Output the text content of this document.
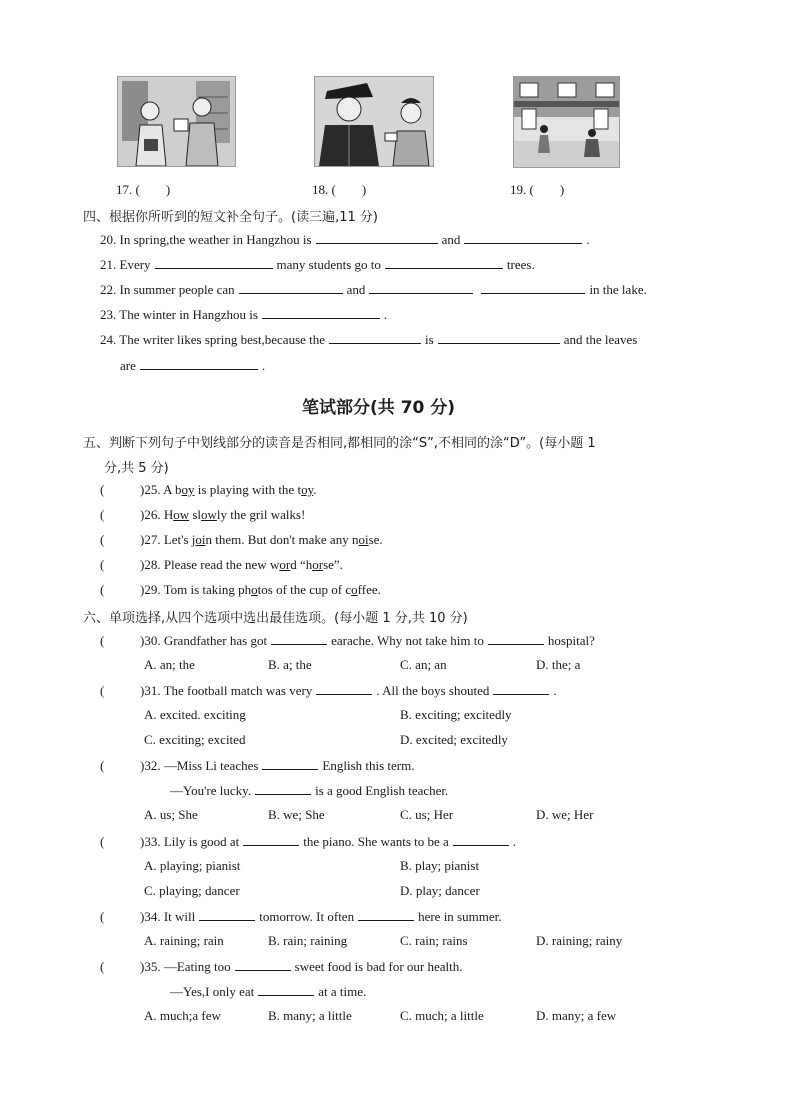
17. (　　)	18. (　　)	19. (　　)
四、根据你所听到的短文补全句子。(读三遍,11 分)
20. In spring,the weather in Hangzhou is	and	.
21. Every	many students go to	trees.
22. In summer people can	and	in the lake.
23. The winter in Hangzhou is	.
24. The writer likes spring best,because the	is	and the leaves
are	.
笔试部分(共 70 分)
五、判断下列句子中划线部分的读音是否相同,都相同的涂“S”,不相同的涂“D”。(每小题 1
分,共 5 分)
(	)25. A boy is playing with the toy.
(	)26. How slowly the gril walks!
(	)27. Let's join them. But don't make any noise.
(	)28. Please read the new word “horse”.
(	)29. Tom is taking photos of the cup of coffee.
六、单项选择,从四个选项中选出最佳选项。(每小题 1 分,共 10 分)
(	)30. Grandfather has got	earache. Why not take him to	hospital?
A. an; the	B. a; the	C. an; an	D. the; a
(	)31. The football match was very	. All the boys shouted	.
A. excited. exciting	B. exciting; excitedly
C. exciting; excited	D. excited; excitedly
(	)32. —Miss Li teaches	English this term.
—You're lucky.	is a good English teacher.
A. us; She	B. we; She	C. us; Her	D. we; Her
(	)33. Lily is good at	the piano. She wants to be a	.
A. playing; pianist	B. play; pianist
C. playing; dancer	D. play; dancer
(	)34. It will	tomorrow. It often	here in summer.
A. raining; rain	B. rain; raining	C. rain; rains	D. raining; rainy
(	)35. —Eating too	sweet food is bad for our health.
—Yes,I only eat	at a time.
A. much;a few	B. many; a little	C. much; a little	D. many; a few
